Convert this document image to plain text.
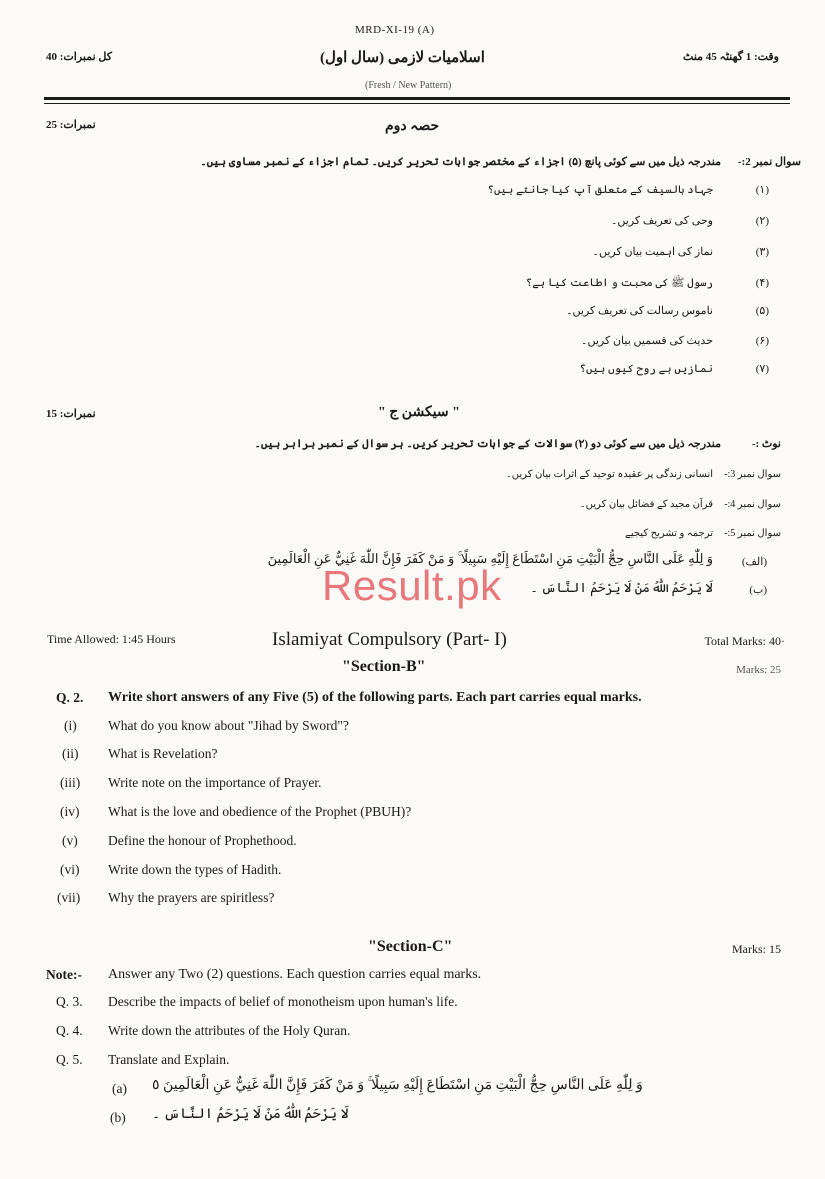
MRD-XI-19 (A)
کل نمبرات: 40	اسلامیات لازمی (سال اول)	وقت: 1 گھنٹہ 45 منٹ
(Fresh / New Pattern)
نمبرات: 25	حصہ دوم
سوال نمبر 2:-
مندرجہ ذیل میں سے کوئی پانچ (۵) اجزاء کے مختصر جوابات تحریر کریں۔ تمام اجزاء کے نمبر مساوی ہیں۔
(۱)
جہاد بالسیف کے متعلق آپ کیا جانتے ہیں؟
(۲)
وحی کی تعریف کریں۔
(۳)
نماز کی اہمیت بیان کریں۔
(۴)
رسول ﷺ کی محبت و اطاعت کیا ہے؟
(۵)
ناموس رسالت کی تعریف کریں۔
(۶)
حدیث کی قسمیں بیان کریں۔
(۷)
نمازیں بے روح کیوں ہیں؟
نمبرات: 15	" سیکشن ج "
نوٹ :-
مندرجہ ذیل میں سے کوئی دو (۲) سوالات کے جوابات تحریر کریں۔ ہر سوال کے نمبر برابر ہیں۔
سوال نمبر 3:-
انسانی زندگی پر عقیدہ توحید کے اثرات بیان کریں۔
سوال نمبر 4:-
قرآن مجید کے فضائل بیان کریں۔
سوال نمبر 5:-
ترجمہ و تشریح کیجیے
(الف)
وَ لِلّٰهِ عَلَى النَّاسِ حِجُّ الْبَيْتِ مَنِ اسْتَطَاعَ إِلَيْهِ سَبِيلًا ۚ وَ مَنْ كَفَرَ فَإِنَّ اللّٰهَ غَنِيٌّ عَنِ الْعَالَمِينَ
(ب)
لَا يَرْحَمُ اللّٰهُ مَنْ لَا يَرْحَمُ النَّاسَ ۔
Result.pk
Time Allowed: 1:45 Hours	Islamiyat Compulsory (Part- I)	Total Marks: 40·
"Section-B"	Marks: 25
Q. 2. Write short answers of any Five (5) of the following parts. Each part carries equal marks.
(i) What do you know about "Jihad by Sword"?
(ii) What is Revelation?
(iii) Write note on the importance of Prayer.
(iv) What is the love and obedience of the Prophet (PBUH)?
(v) Define the honour of Prophethood.
(vi) Write down the types of Hadith.
(vii) Why the prayers are spiritless?
"Section-C"	Marks: 15
Note:- Answer any Two (2) questions. Each question carries equal marks.
Q. 3. Describe the impacts of belief of monotheism upon human's life.
Q. 4. Write down the attributes of the Holy Quran.
Q. 5. Translate and Explain.
(a) وَ لِلّٰهِ عَلَى النَّاسِ حِجُّ الْبَيْتِ مَنِ اسْتَطَاعَ إِلَيْهِ سَبِيلًا ۚ وَ مَنْ كَفَرَ فَإِنَّ اللّٰهَ غَنِيٌّ عَنِ الْعَالَمِينَ ٥
(b) لَا يَرْحَمُ اللّٰهُ مَنْ لَا يَرْحَمُ النَّاسَ ۔
